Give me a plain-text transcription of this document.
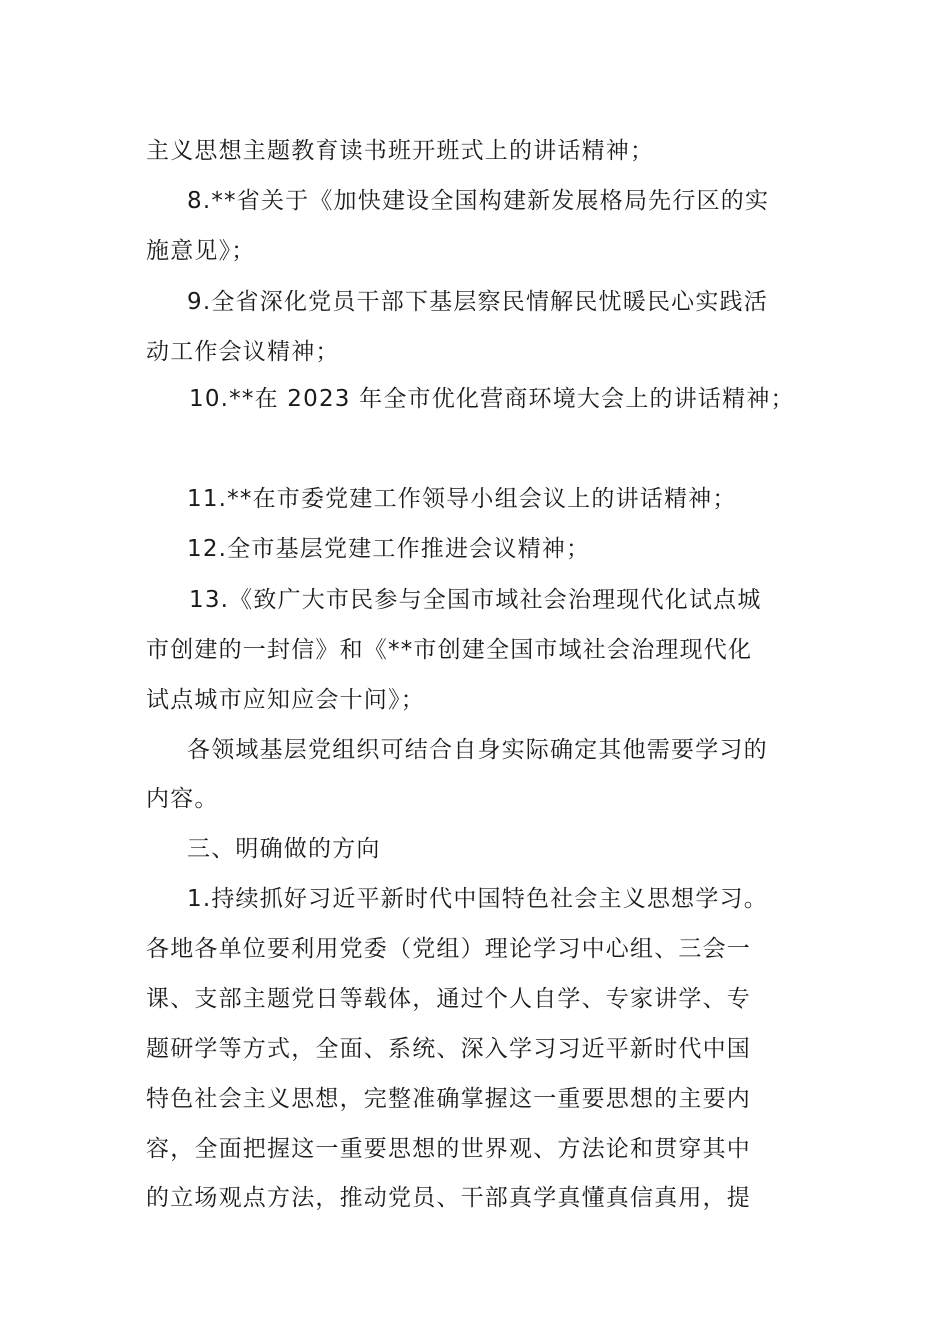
主义思想主题教育读书班开班式上的讲话精神；
8.**省关于《加快建设全国构建新发展格局先行区的实
施意见》；
9.全省深化党员干部下基层察民情解民忧暖民心实践活
动工作会议精神；
10.**在 2023 年全市优化营商环境大会上的讲话精神；
11.**在市委党建工作领导小组会议上的讲话精神；
12.全市基层党建工作推进会议精神；
13.《致广大市民参与全国市域社会治理现代化试点城
市创建的一封信》和《**市创建全国市域社会治理现代化
试点城市应知应会十问》；
各领域基层党组织可结合自身实际确定其他需要学习的
内容。
三、明确做的方向
1.持续抓好习近平新时代中国特色社会主义思想学习。
各地各单位要利用党委（党组）理论学习中心组、三会一
课、支部主题党日等载体，通过个人自学、专家讲学、专
题研学等方式，全面、系统、深入学习习近平新时代中国
特色社会主义思想，完整准确掌握这一重要思想的主要内
容，全面把握这一重要思想的世界观、方法论和贯穿其中
的立场观点方法，推动党员、干部真学真懂真信真用，提
